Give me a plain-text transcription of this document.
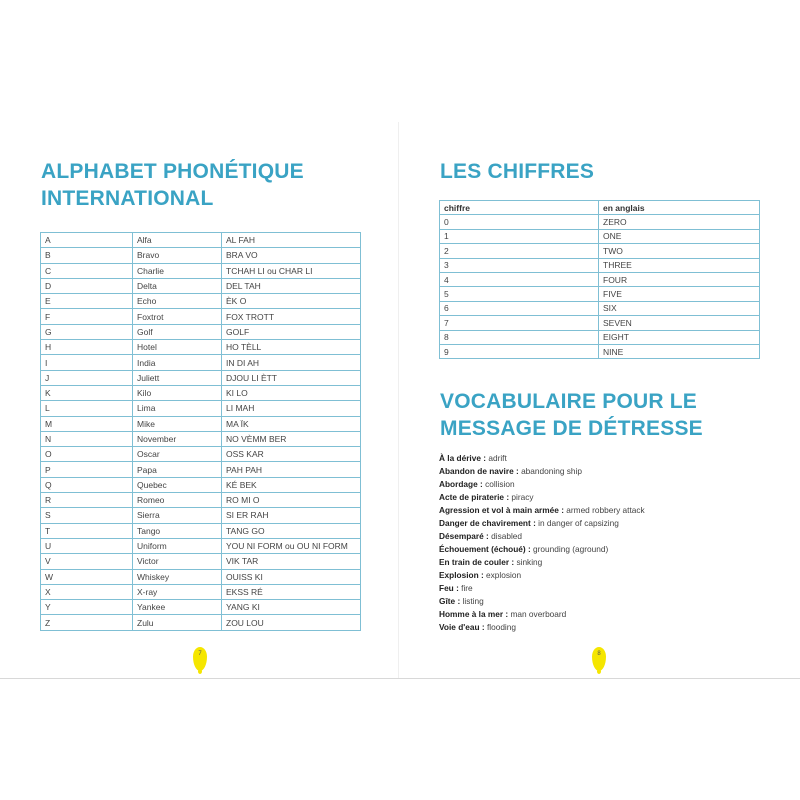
ALPHABET PHONÉTIQUE
INTERNATIONAL
A	Alfa	AL FAH
B	Bravo	BRA VO
C	Charlie	TCHAH LI ou CHAR LI
D	Delta	DEL TAH
E	Echo	ÈK O
F	Foxtrot	FOX TROTT
G	Golf	GOLF
H	Hotel	HO TÈLL
I	India	IN DI AH
J	Juliett	DJOU LI ÈTT
K	Kilo	KI LO
L	Lima	LI MAH
M	Mike	MA ÏK
N	November	NO VÈMM BER
O	Oscar	OSS KAR
P	Papa	PAH PAH
Q	Quebec	KÉ BEK
R	Romeo	RO MI O
S	Sierra	SI ER RAH
T	Tango	TANG GO
U	Uniform	YOU NI FORM ou OU NI FORM
V	Victor	VIK TAR
W	Whiskey	OUISS KI
X	X-ray	EKSS RÉ
Y	Yankee	YANG KI
Z	Zulu	ZOU LOU
7
LES CHIFFRES
chiffre	en anglais
0	ZERO
1	ONE
2	TWO
3	THREE
4	FOUR
5	FIVE
6	SIX
7	SEVEN
8	EIGHT
9	NINE
VOCABULAIRE POUR LE
MESSAGE DE DÉTRESSE
À la dérive : adrift
Abandon de navire : abandoning ship
Abordage : collision
Acte de piraterie : piracy
Agression et vol à main armée : armed robbery attack
Danger de chavirement : in danger of capsizing
Désemparé : disabled
Échouement (échoué) : grounding (aground)
En train de couler : sinking
Explosion : explosion
Feu : fire
Gîte : listing
Homme à la mer : man overboard
Voie d'eau : flooding
8
